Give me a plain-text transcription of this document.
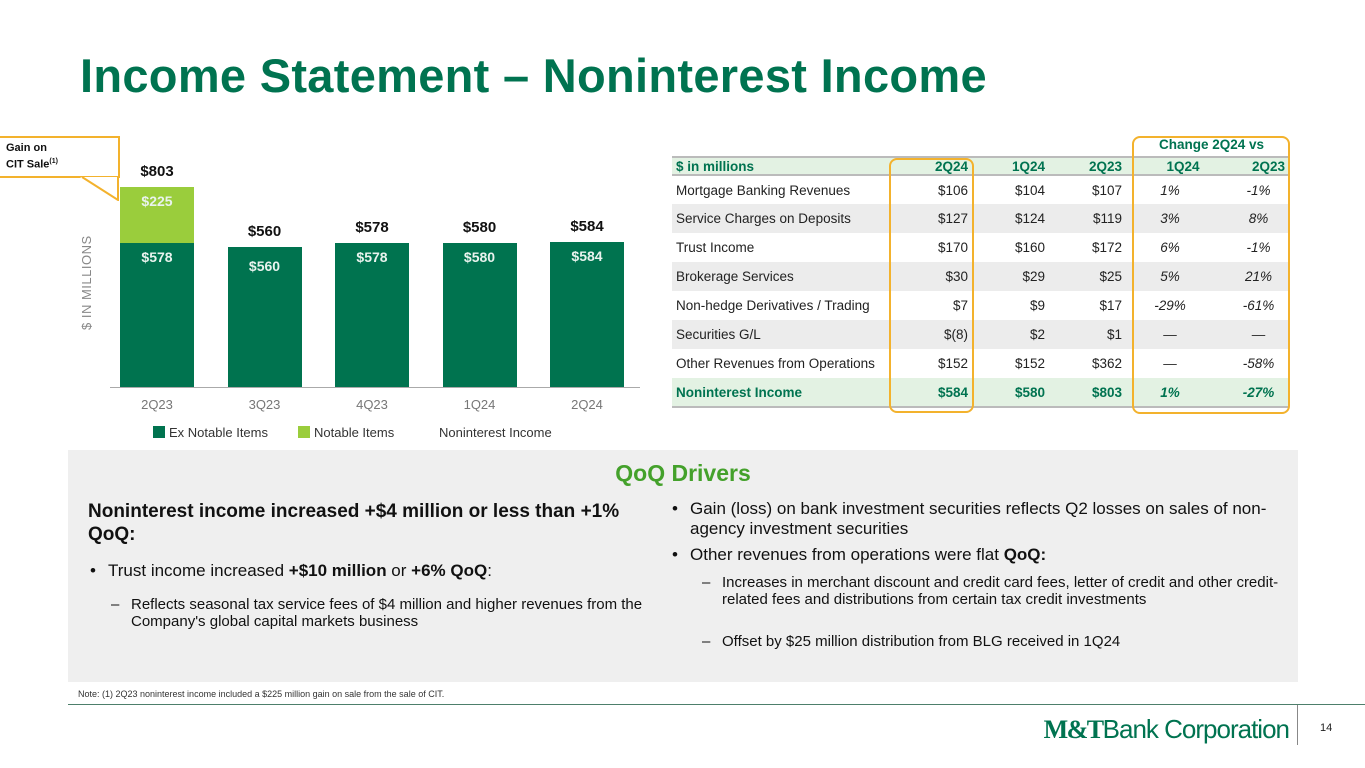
Income Statement – Noninterest Income
Gain on
CIT Sale$^{(1)}$
$ IN MILLIONS	$578
$225
$803
2Q23
$560
$560
3Q23
$578
$578
4Q23
$580
$580
1Q24
$584
$584
2Q24
Ex Notable Items	Notable Items	Noninterest Income
Change 2Q24 vs
$ in millions	2Q24	1Q24	2Q23	1Q24	2Q23
Mortgage Banking Revenues	$106	$104	$107	1%	-1%
Service Charges on Deposits	$127	$124	$119	3%	8%
Trust Income	$170	$160	$172	6%	-1%
Brokerage Services	$30	$29	$25	5%	21%
Non-hedge Derivatives / Trading	$7	$9	$17	-29%	-61%
Securities G/L	$(8)	$2	$1	—	—
Other Revenues from Operations	$152	$152	$362	—	-58%
Noninterest Income	$584	$580	$803	1%	-27%
QoQ Drivers
Noninterest income increased +$4 million or less than +1% QoQ:
• Trust income increased +$10 million or +6% QoQ:
– Reflects seasonal tax service fees of $4 million and higher revenues from the Company's global capital markets business
• Gain (loss) on bank investment securities reflects Q2 losses on sales of non-agency investment securities
• Other revenues from operations were flat QoQ:
– Increases in merchant discount and credit card fees, letter of credit and other credit-related fees and distributions from certain tax credit investments
– Offset by $25 million distribution from BLG received in 1Q24
Note: (1) 2Q23 noninterest income included a $225 million gain on sale from the sale of CIT.
M&TBank Corporation	14
